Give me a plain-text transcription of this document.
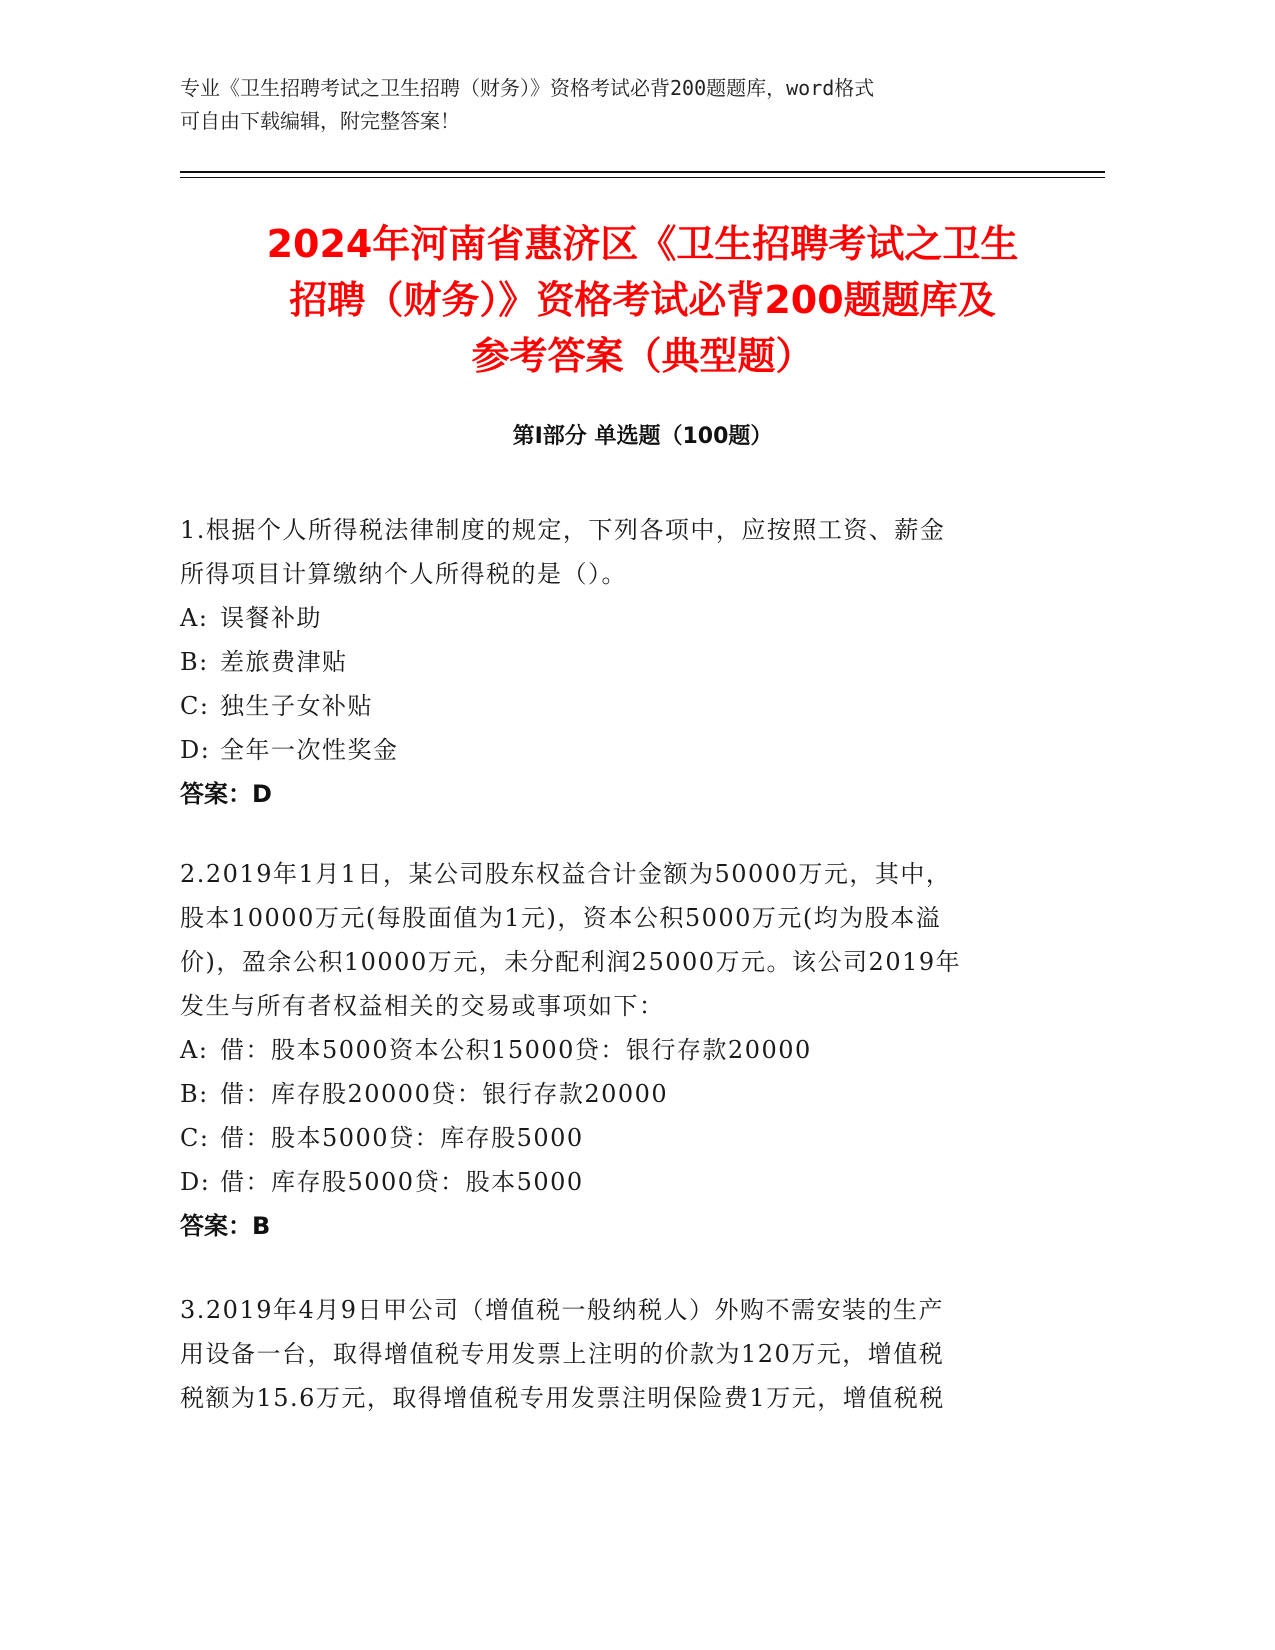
专业《卫生招聘考试之卫生招聘（财务）》资格考试必背200题题库，word格式
可自由下载编辑，附完整答案！
2024年河南省惠济区《卫生招聘考试之卫生
招聘（财务）》资格考试必背200题题库及
参考答案（典型题）
第Ⅰ部分 单选题（100题）

1.根据个人所得税法律制度的规定，下列各项中，应按照工资、薪金

所得项目计算缴纳个人所得税的是（）。

A: 误餐补助

B: 差旅费津贴

C: 独生子女补贴

D: 全年一次性奖金

答案：D

2.2019年1月1日，某公司股东权益合计金额为50000万元，其中，

股本10000万元(每股面值为1元)，资本公积5000万元(均为股本溢

价)，盈余公积10000万元，未分配利润25000万元。该公司2019年

发生与所有者权益相关的交易或事项如下：

A: 借：股本5000资本公积15000贷：银行存款20000

B: 借：库存股20000贷：银行存款20000

C: 借：股本5000贷：库存股5000

D: 借：库存股5000贷：股本5000

答案：B

3.2019年4月9日甲公司（增值税一般纳税人）外购不需安装的生产

用设备一台，取得增值税专用发票上注明的价款为120万元，增值税

税额为15.6万元，取得增值税专用发票注明保险费1万元，增值税税
